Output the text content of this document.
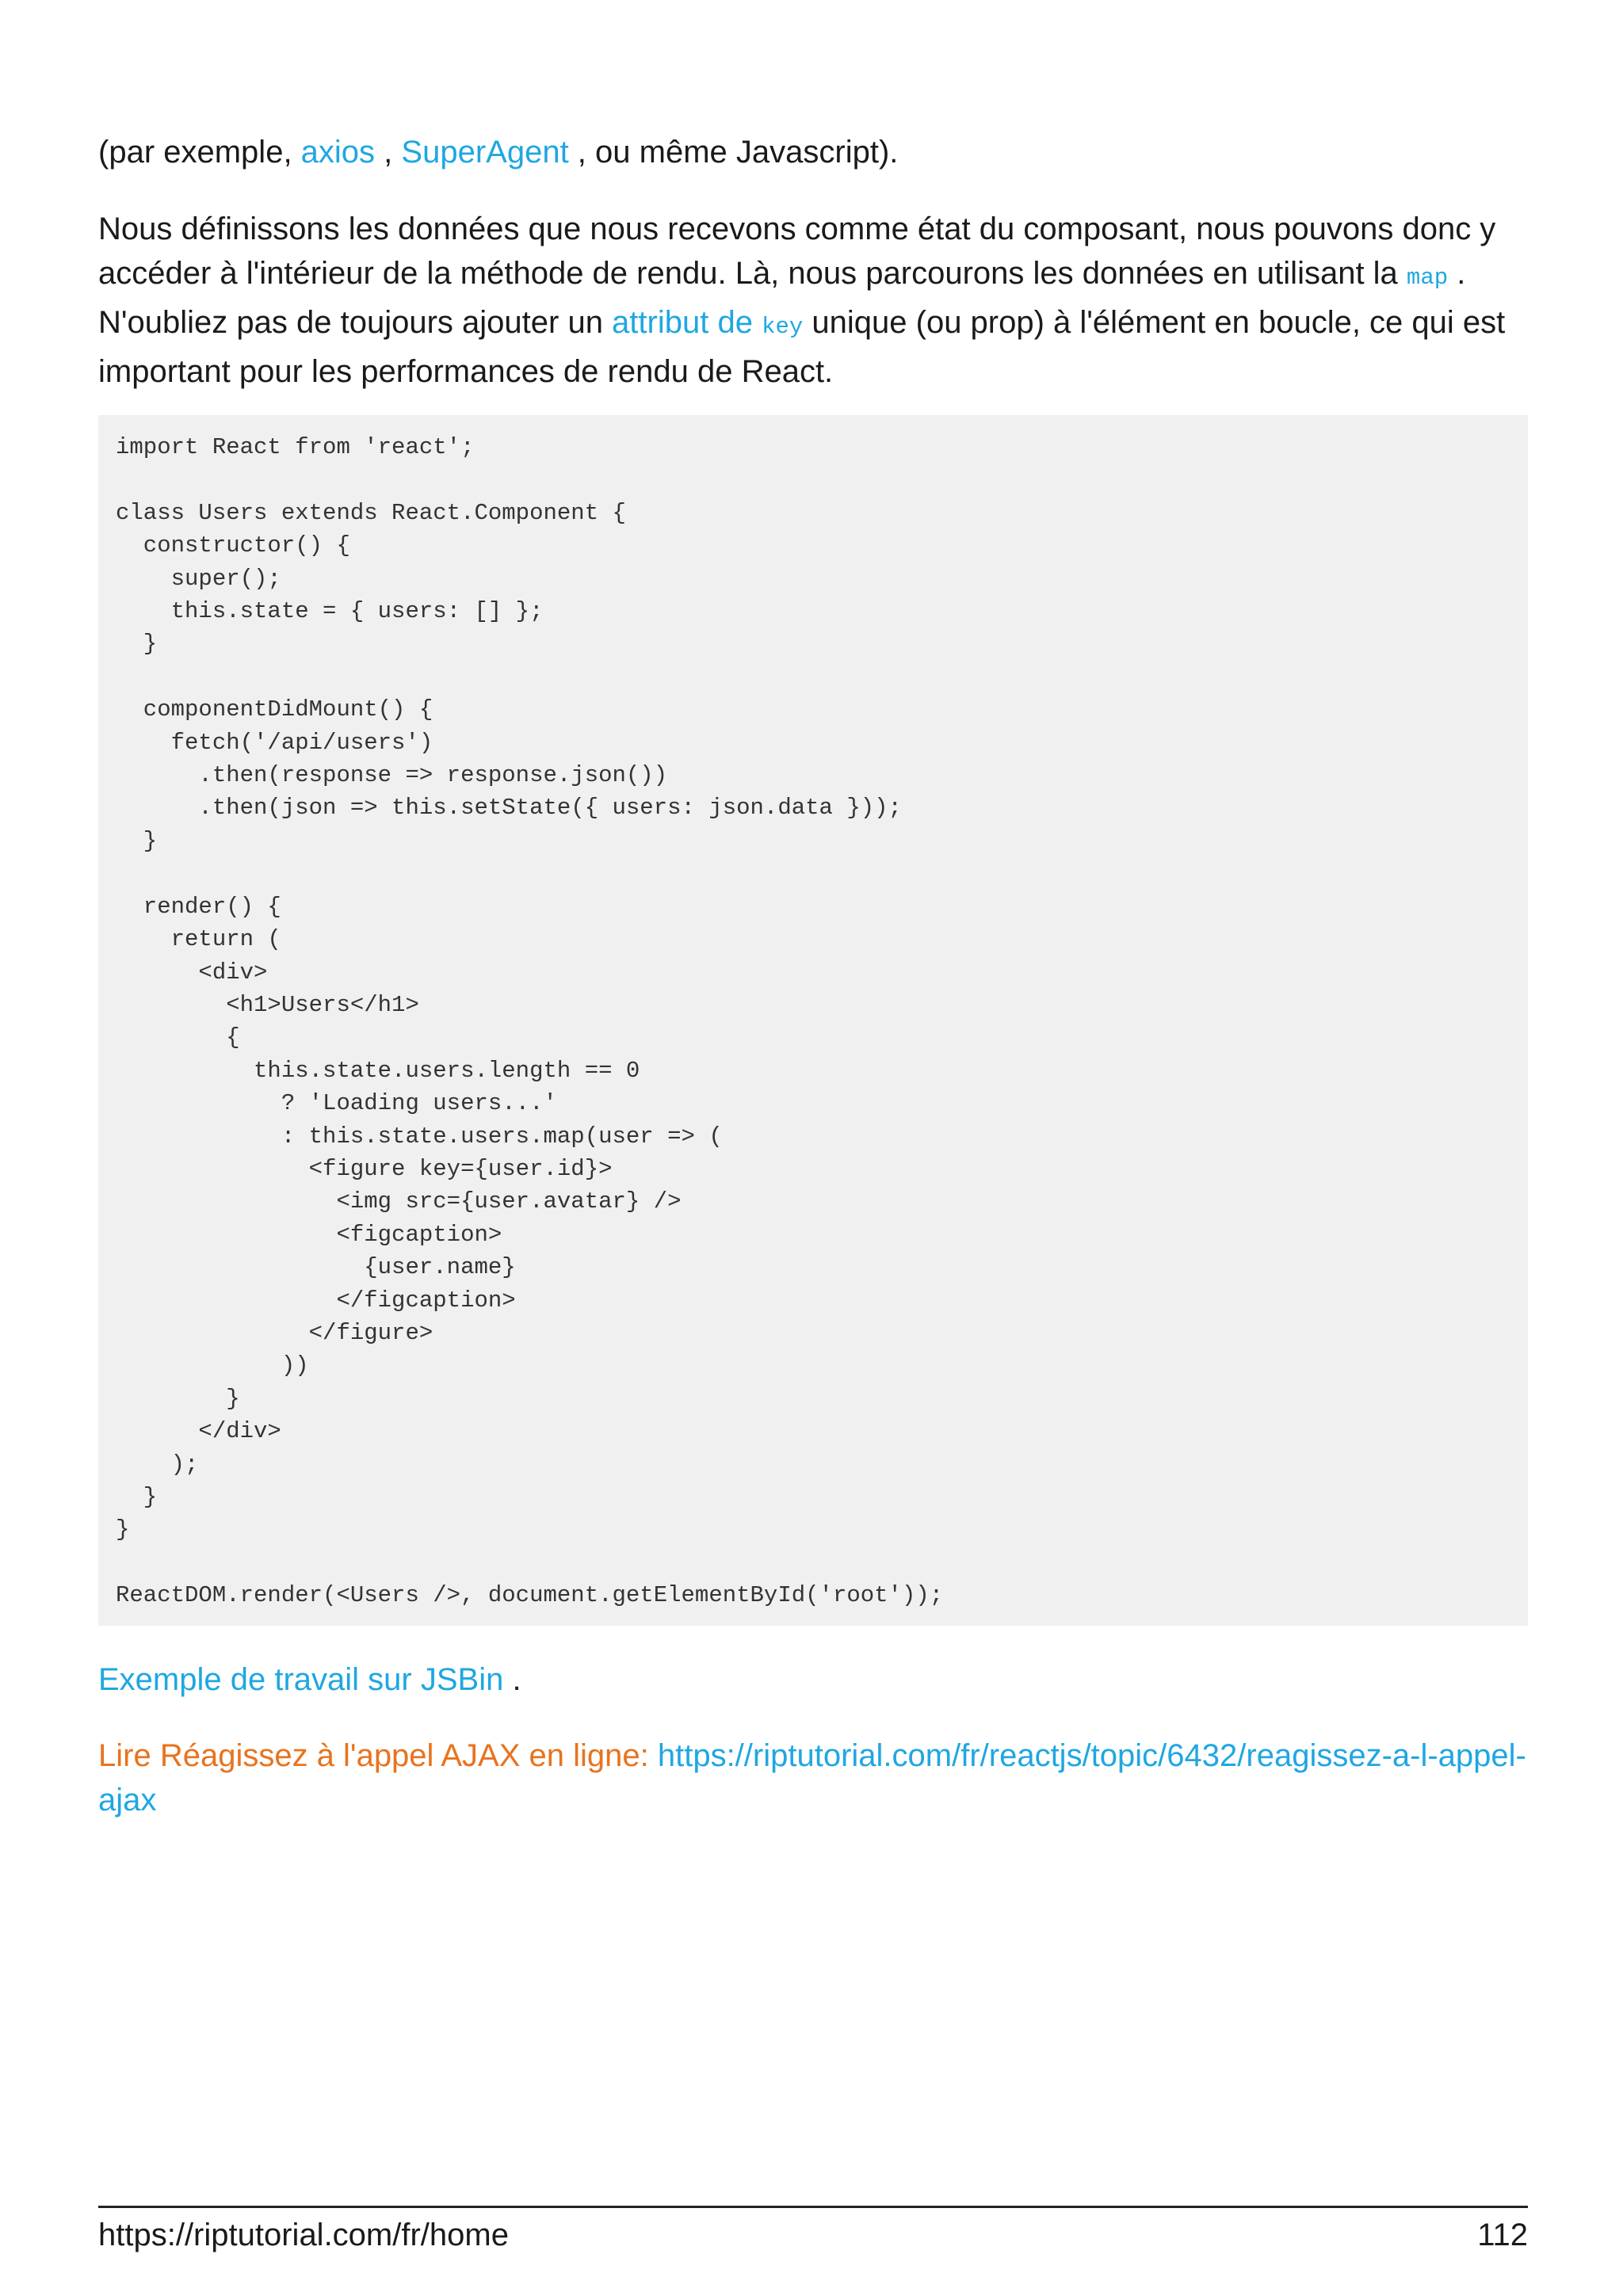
(par exemple, axios , SuperAgent , ou même Javascript).

Nous définissons les données que nous recevons comme état du composant, nous pouvons donc y accéder à l'intérieur de la méthode de rendu. Là, nous parcourons les données en utilisant la map . N'oubliez pas de toujours ajouter un attribut de key unique (ou prop) à l'élément en boucle, ce qui est important pour les performances de rendu de React.

import React from 'react';

class Users extends React.Component {
constructor() {
super();
this.state = { users: [] };
}

componentDidMount() {
fetch('/api/users')
.then(response => response.json())
.then(json => this.setState({ users: json.data }));
}

render() {
return (
<div>
<h1>Users</h1>
{
this.state.users.length == 0
? 'Loading users...'
: this.state.users.map(user => (
<figure key={user.id}>
<img src={user.avatar} />
<figcaption>
{user.name}
</figcaption>
</figure>
))
}
</div>
);
}
}

ReactDOM.render(<Users />, document.getElementById('root'));

Exemple de travail sur JSBin .

Lire Réagissez à l'appel AJAX en ligne: https://riptutorial.com/fr/reactjs/topic/6432/reagissez-a-l-appel-ajax

https://riptutorial.com/fr/home	112
